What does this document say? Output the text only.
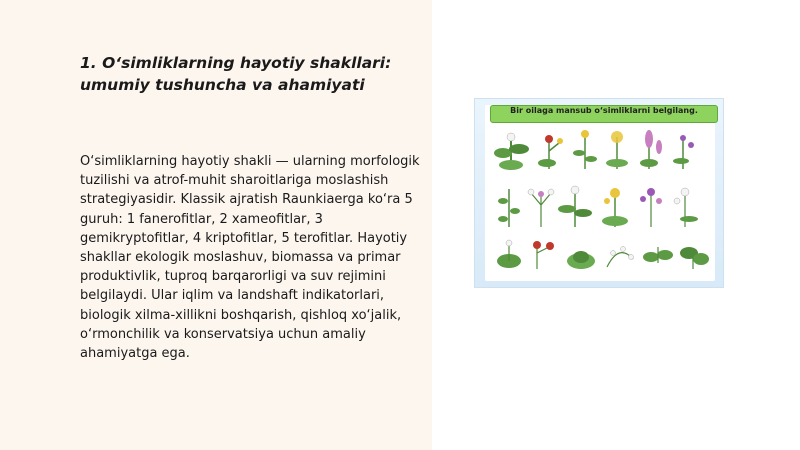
1. O‘simliklarning hayotiy shakllari: umumiy tushuncha va ahamiyati

O‘simliklarning hayotiy shakli — ularning morfologik tuzilishi va atrof-muhit sharoitlariga moslashish strategiyasidir. Klassik ajratish Raunkiaerga ko‘ra 5 guruh: 1 fanerofitlar, 2 xameofitlar, 3 gemikryptofitlar, 4 kriptofitlar, 5 terofitlar. Hayotiy shakllar ekologik moslashuv, biomassa va primar produktivlik, tuproq barqarorligi va suv rejimini belgilaydi. Ular iqlim va landshaft indikatorlari, biologik xilma-xillikni boshqarish, qishloq xo‘jalik, o‘rmonchilik va konservatsiya uchun amaliy ahamiyatga ega.

Bir oilaga mansub o‘simliklarni belgilang.
